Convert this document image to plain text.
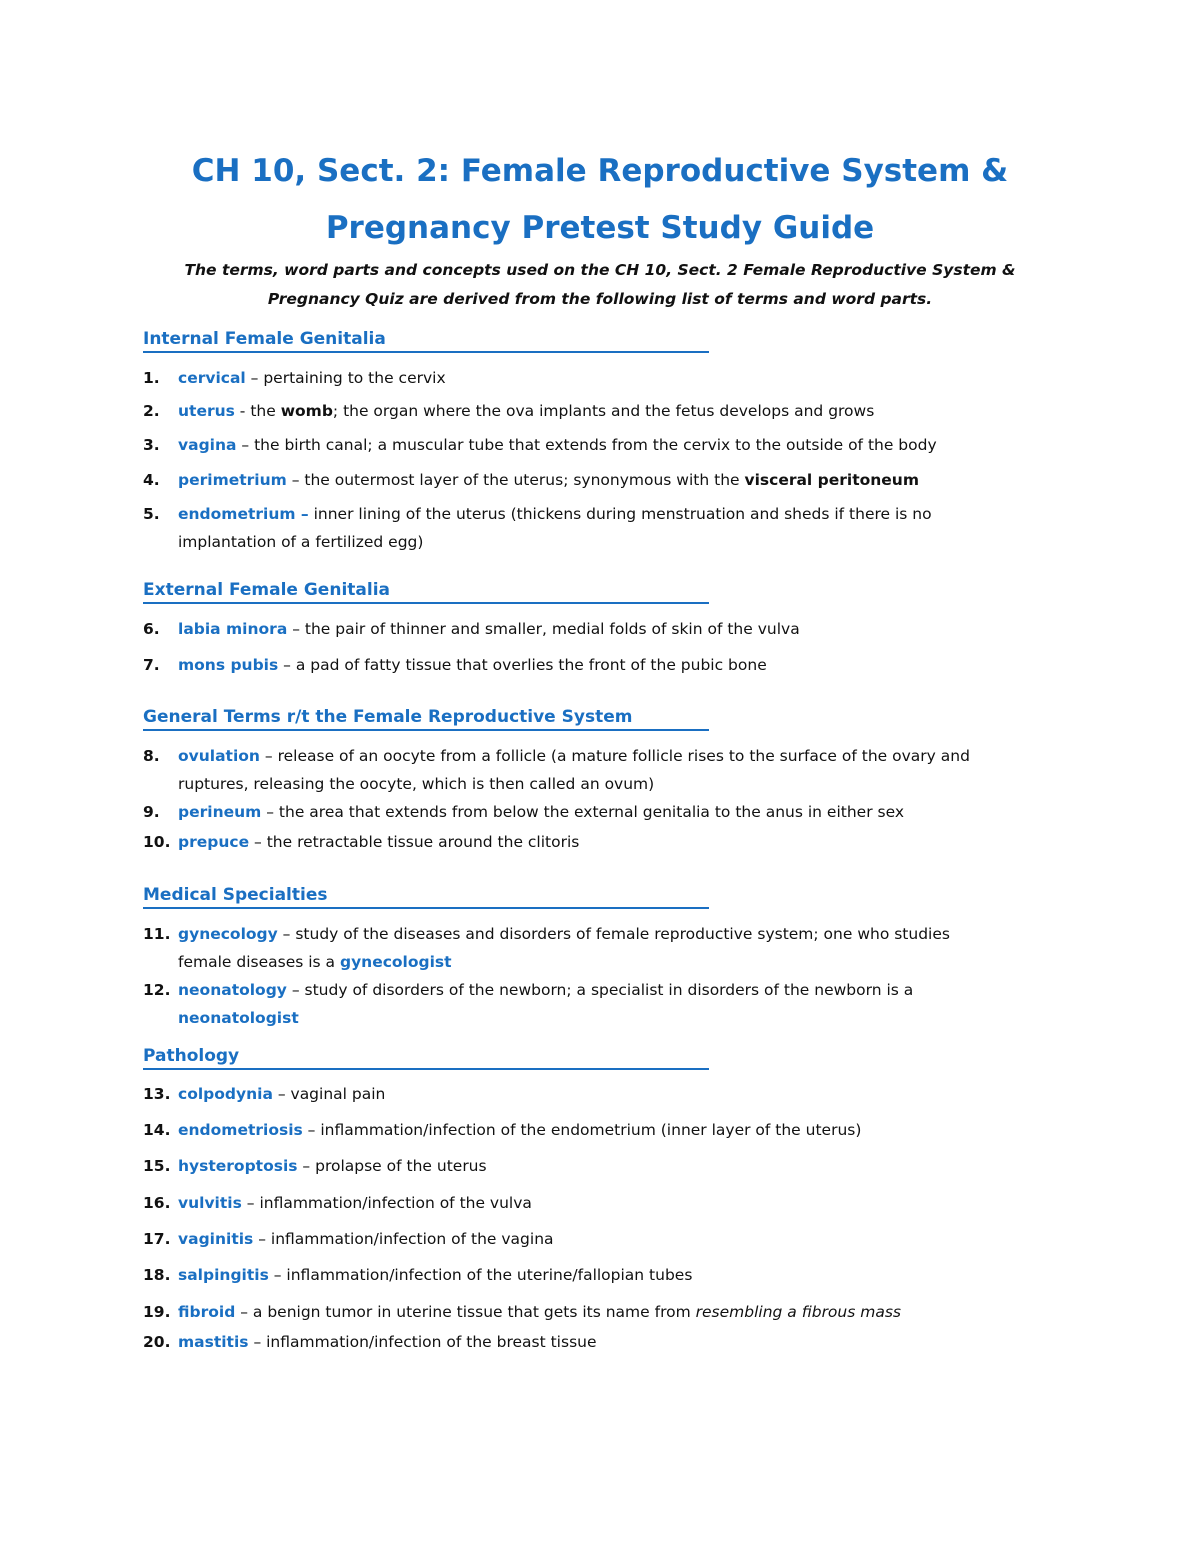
CH 10, Sect. 2: Female Reproductive System &
Pregnancy Pretest Study Guide

The terms, word parts and concepts used on the CH 10, Sect. 2 Female Reproductive System &

Pregnancy Quiz are derived from the following list of terms and word parts.

Internal Female Genitalia
1. cervical – pertaining to the cervix
2. uterus - the womb; the organ where the ova implants and the fetus develops and grows
3. vagina – the birth canal; a muscular tube that extends from the cervix to the outside of the body
4. perimetrium – the outermost layer of the uterus; synonymous with the visceral peritoneum
5. endometrium – inner lining of the uterus (thickens during menstruation and sheds if there is no
implantation of a fertilized egg)
External Female Genitalia
6. labia minora – the pair of thinner and smaller, medial folds of skin of the vulva
7. mons pubis – a pad of fatty tissue that overlies the front of the pubic bone
General Terms r/t the Female Reproductive System
8. ovulation – release of an oocyte from a follicle (a mature follicle rises to the surface of the ovary and
ruptures, releasing the oocyte, which is then called an ovum)
9. perineum – the area that extends from below the external genitalia to the anus in either sex
10. prepuce – the retractable tissue around the clitoris
Medical Specialties
11. gynecology – study of the diseases and disorders of female reproductive system; one who studies
female diseases is a gynecologist
12. neonatology – study of disorders of the newborn; a specialist in disorders of the newborn is a
neonatologist
Pathology
13. colpodynia – vaginal pain
14. endometriosis – inflammation/infection of the endometrium (inner layer of the uterus)
15. hysteroptosis – prolapse of the uterus
16. vulvitis – inflammation/infection of the vulva
17. vaginitis – inflammation/infection of the vagina
18. salpingitis – inflammation/infection of the uterine/fallopian tubes
19. fibroid – a benign tumor in uterine tissue that gets its name from resembling a fibrous mass
20. mastitis – inflammation/infection of the breast tissue
